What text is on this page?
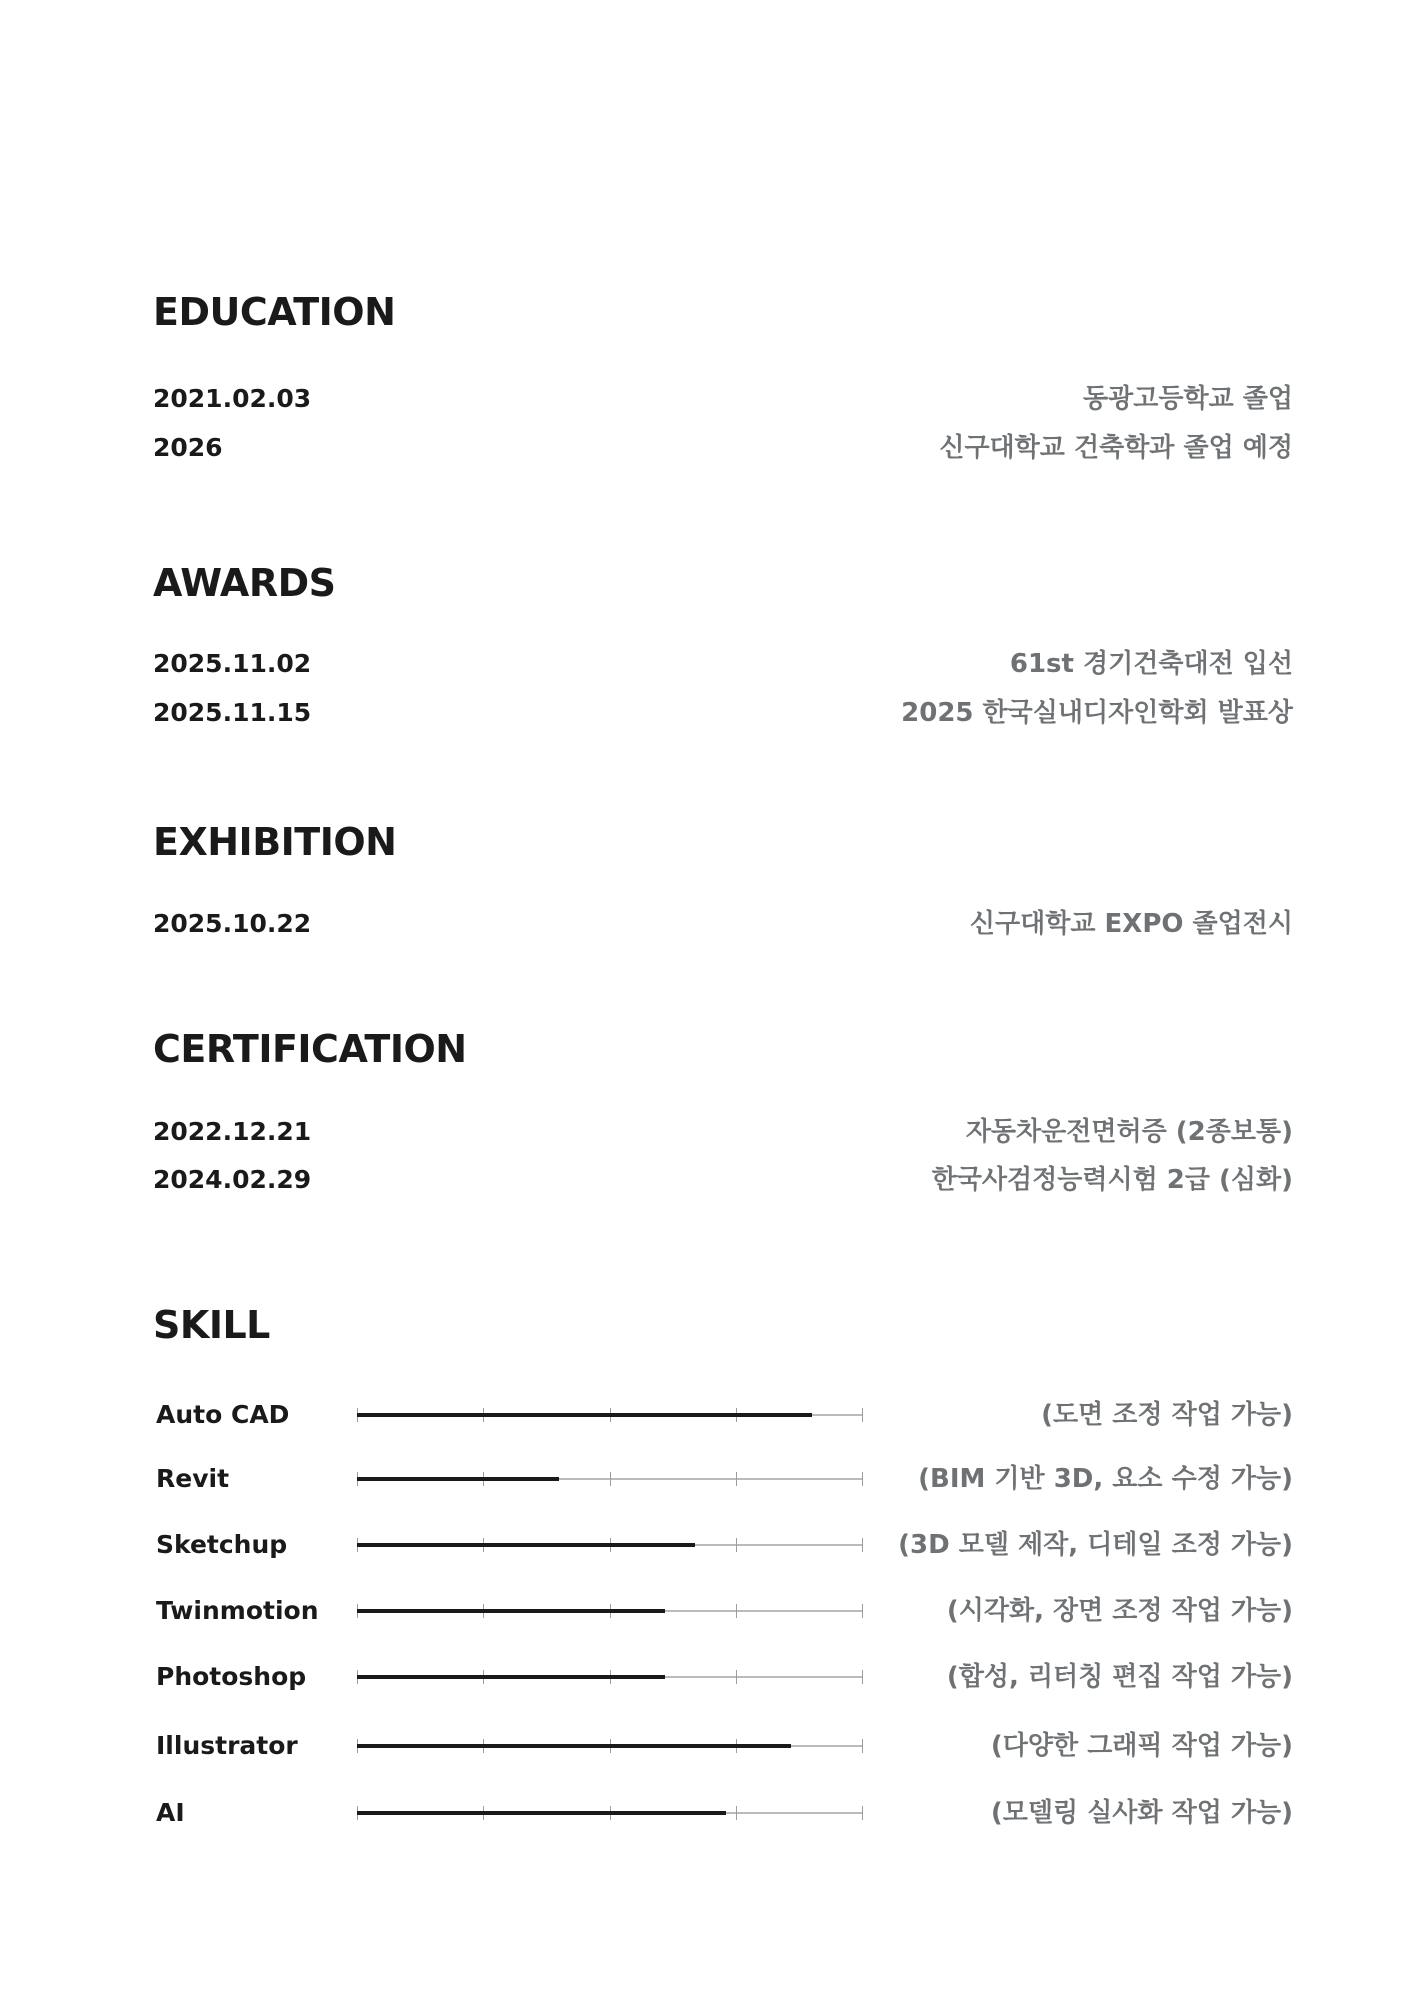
EDUCATION
2021.02.03	동광고등학교 졸업
2026	신구대학교 건축학과 졸업 예정
AWARDS
2025.11.02	61st 경기건축대전 입선
2025.11.15	2025 한국실내디자인학회 발표상
EXHIBITION
2025.10.22	신구대학교 EXPO 졸업전시
CERTIFICATION
2022.12.21	자동차운전면허증 (2종보통)
2024.02.29	한국사검정능력시험 2급 (심화)
SKILL
Auto CAD	(도면 조정 작업 가능)
Revit	(BIM 기반 3D, 요소 수정 가능)
Sketchup	(3D 모델 제작, 디테일 조정 가능)
Twinmotion	(시각화, 장면 조정 작업 가능)
Photoshop	(합성, 리터칭 편집 작업 가능)
Illustrator	(다양한 그래픽 작업 가능)
AI	(모델링 실사화 작업 가능)
